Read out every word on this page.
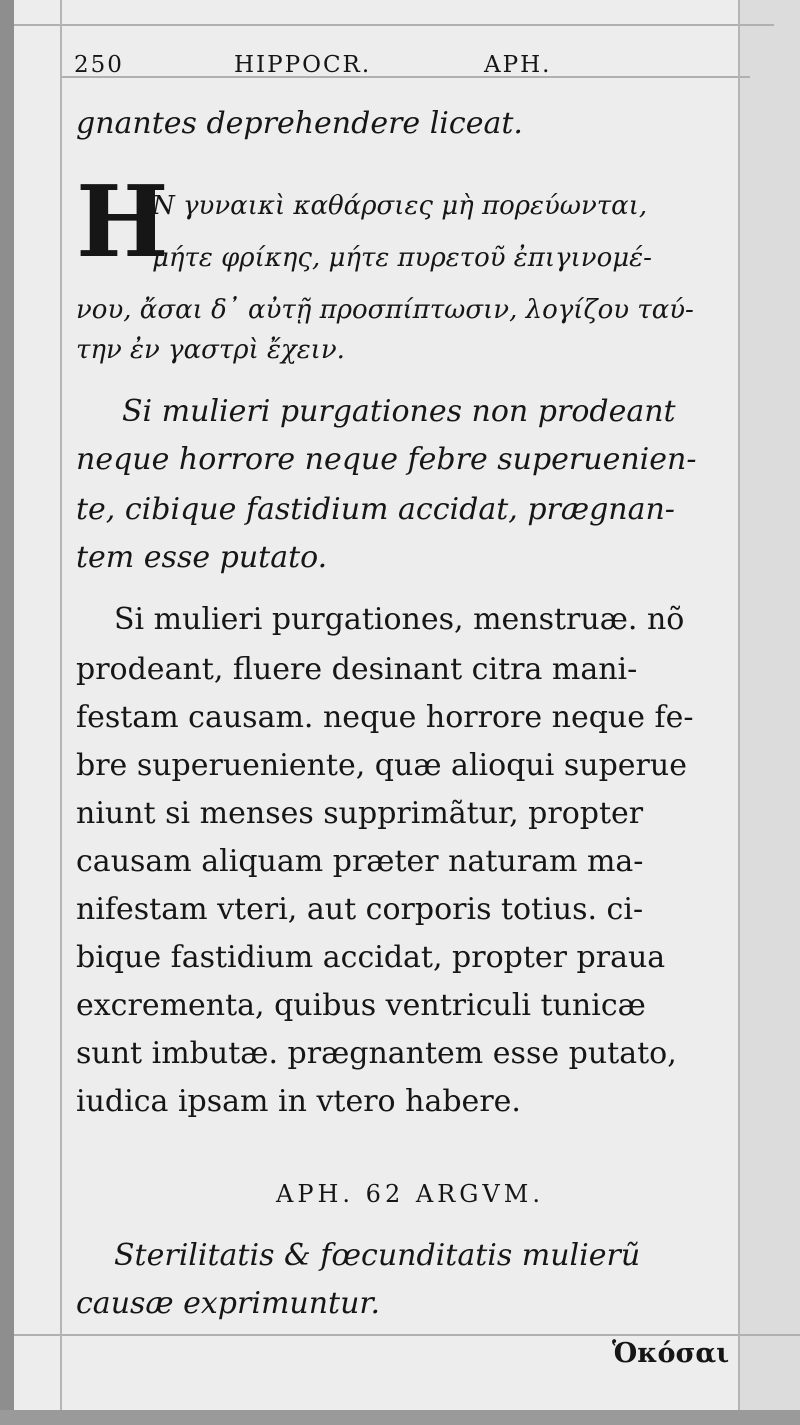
250	HIPPOCR.	APH.
H
gnantes deprehendere liceat.
N γυναικὶ καθάρσιες μὴ πορεύωνται,
μήτε φρίκης, μήτε πυρετοῦ ἐπιγινομέ-
νου, ἄσαι δ᾽ αὐτῇ προσπίπτωσιν, λογίζου ταύ-
την ἐν γαστρὶ ἔχειν.
Si mulieri purgationes non prodeant
neque horrore neque febre superuenien-
te, cibique fastidium accidat, prægnan-
tem esse putato.
Si mulieri purgationes, menstruæ. nõ
prodeant, fluere desinant citra mani-
festam causam. neque horrore neque fe-
bre superueniente, quæ alioqui superue
niunt si menses supprimãtur, propter
causam aliquam præter naturam ma-
nifestam vteri, aut corporis totius. ci-
bique fastidium accidat, propter praua
excrementa, quibus ventriculi tunicæ
sunt imbutæ. prægnantem esse putato,
iudica ipsam in vtero habere.
APH. 62 ARGVM.
Sterilitatis & fœcunditatis mulierũ
causæ exprimuntur.
Ὁκόσαι
